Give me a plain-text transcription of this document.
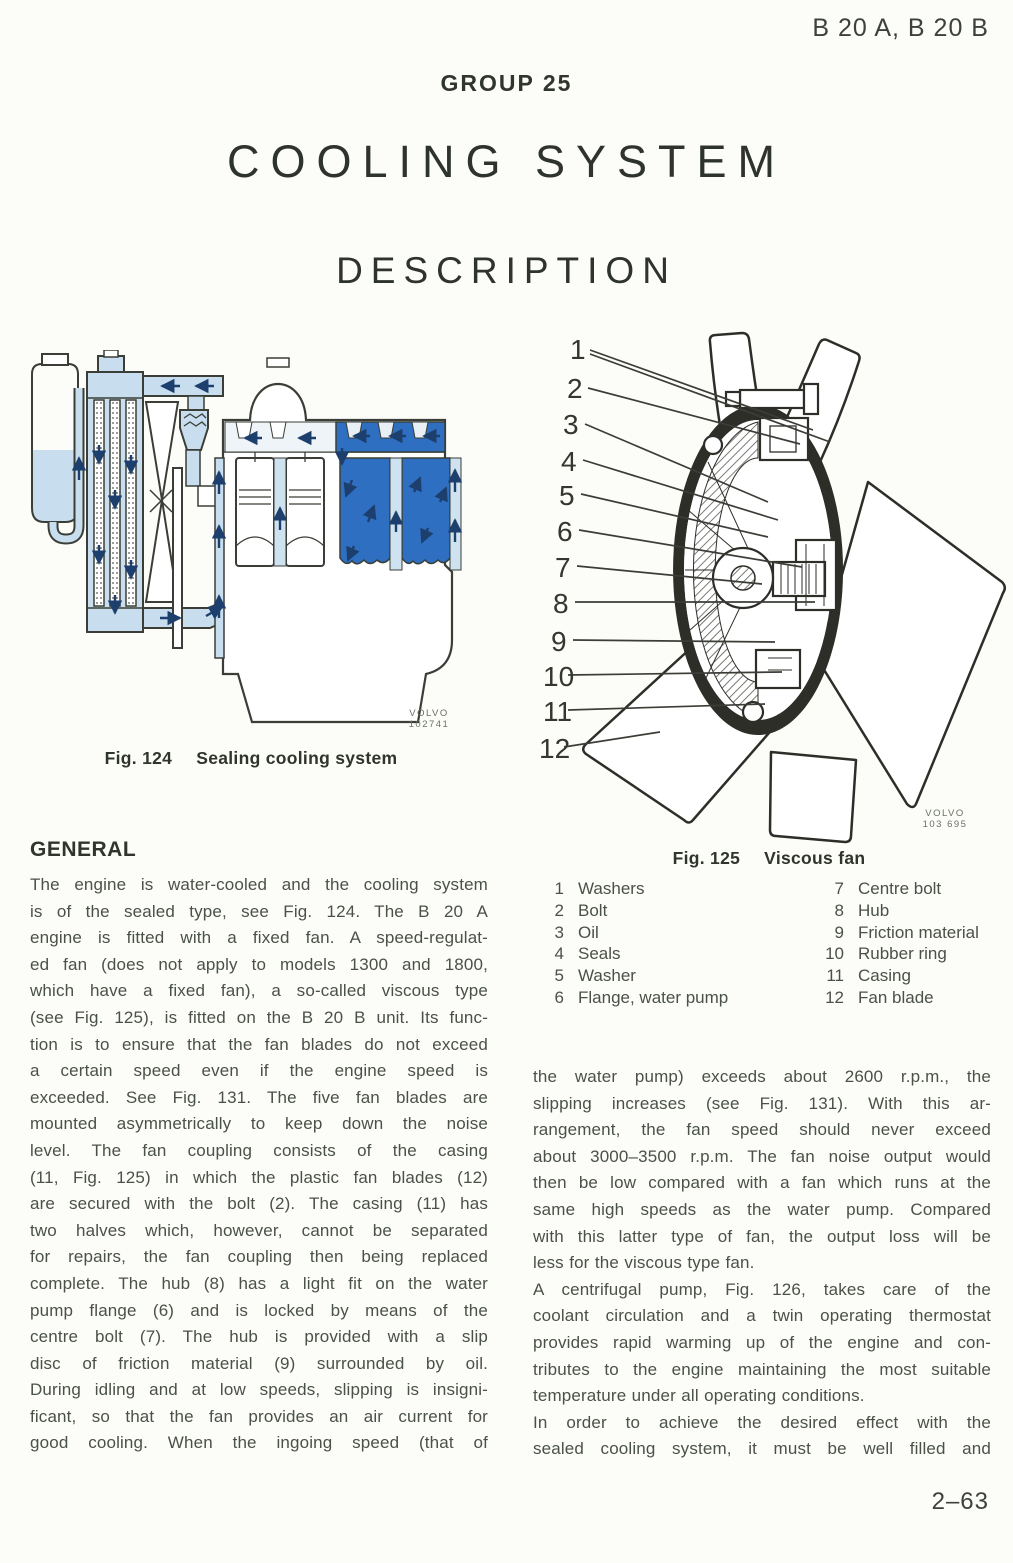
B 20 A, B 20 B
GROUP 25
COOLING SYSTEM
DESCRIPTION
VOLVO
102741
Fig. 124 Sealing cooling system
1
2
3
4
5
6
7
8
9
10
11
12
VOLVO
103 695
Fig. 125 Viscous fan
1 Washers	7 Centre bolt
2 Bolt	8 Hub
3 Oil	9 Friction material
4 Seals	10 Rubber ring
5 Washer	11 Casing
6 Flange, water pump	12 Fan blade
GENERAL
The engine is water-cooled and the cooling system
is of the sealed type, see Fig. 124. The B 20 A
engine is fitted with a fixed fan. A speed-regulat-
ed fan (does not apply to models 1300 and 1800,
which have a fixed fan), a so-called viscous type
(see Fig. 125), is fitted on the B 20 B unit. Its func-
tion is to ensure that the fan blades do not exceed
a certain speed even if the engine speed is
exceeded. See Fig. 131. The five fan blades are
mounted asymmetrically to keep down the noise
level. The fan coupling consists of the casing
(11, Fig. 125) in which the plastic fan blades (12)
are secured with the bolt (2). The casing (11) has
two halves which, however, cannot be separated
for repairs, the fan coupling then being replaced
complete. The hub (8) has a light fit on the water
pump flange (6) and is locked by means of the
centre bolt (7). The hub is provided with a slip
disc of friction material (9) surrounded by oil.
During idling and at low speeds, slipping is insigni-
ficant, so that the fan provides an air current for
good cooling. When the ingoing speed (that of
the water pump) exceeds about 2600 r.p.m., the
slipping increases (see Fig. 131). With this ar-
rangement, the fan speed should never exceed
about 3000–3500 r.p.m. The fan noise output would
then be low compared with a fan which runs at the
same high speeds as the water pump. Compared
with this latter type of fan, the output loss will be
less for the viscous type fan.
A centrifugal pump, Fig. 126, takes care of the
coolant circulation and a twin operating thermostat
provides rapid warming up of the engine and con-
tributes to the engine maintaining the most suitable
temperature under all operating conditions.
In order to achieve the desired effect with the
sealed cooling system, it must be well filled and
2–63
